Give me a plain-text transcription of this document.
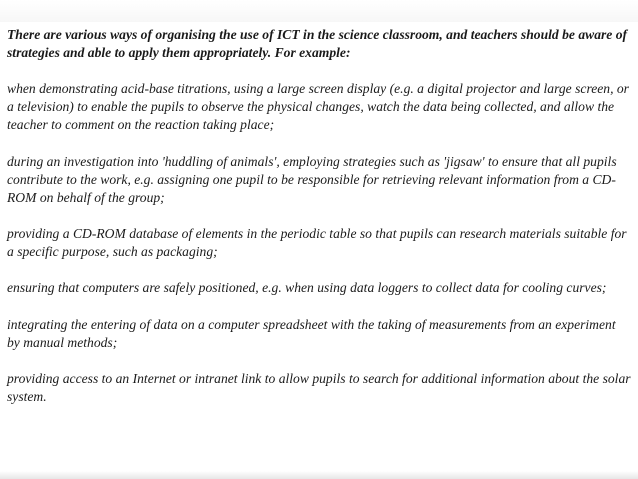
There are various ways of organising the use of ICT in the science classroom, and teachers should be aware of strategies and able to apply them appropriately. For example:

when demonstrating acid-base titrations, using a large screen display (e.g. a digital projector and large screen, or a television) to enable the pupils to observe the physical changes, watch the data being collected, and allow the teacher to comment on the reaction taking place;

during an investigation into 'huddling of animals', employing strategies such as 'jigsaw' to ensure that all pupils contribute to the work, e.g. assigning one pupil to be responsible for retrieving relevant information from a CD-ROM on behalf of the group;

providing a CD-ROM database of elements in the periodic table so that pupils can research materials suitable for a specific purpose, such as packaging;

ensuring that computers are safely positioned, e.g. when using data loggers to collect data for cooling curves;

integrating the entering of data on a computer spreadsheet with the taking of measurements from an experiment by manual methods;

providing access to an Internet or intranet link to allow pupils to search for additional information about the solar system.
